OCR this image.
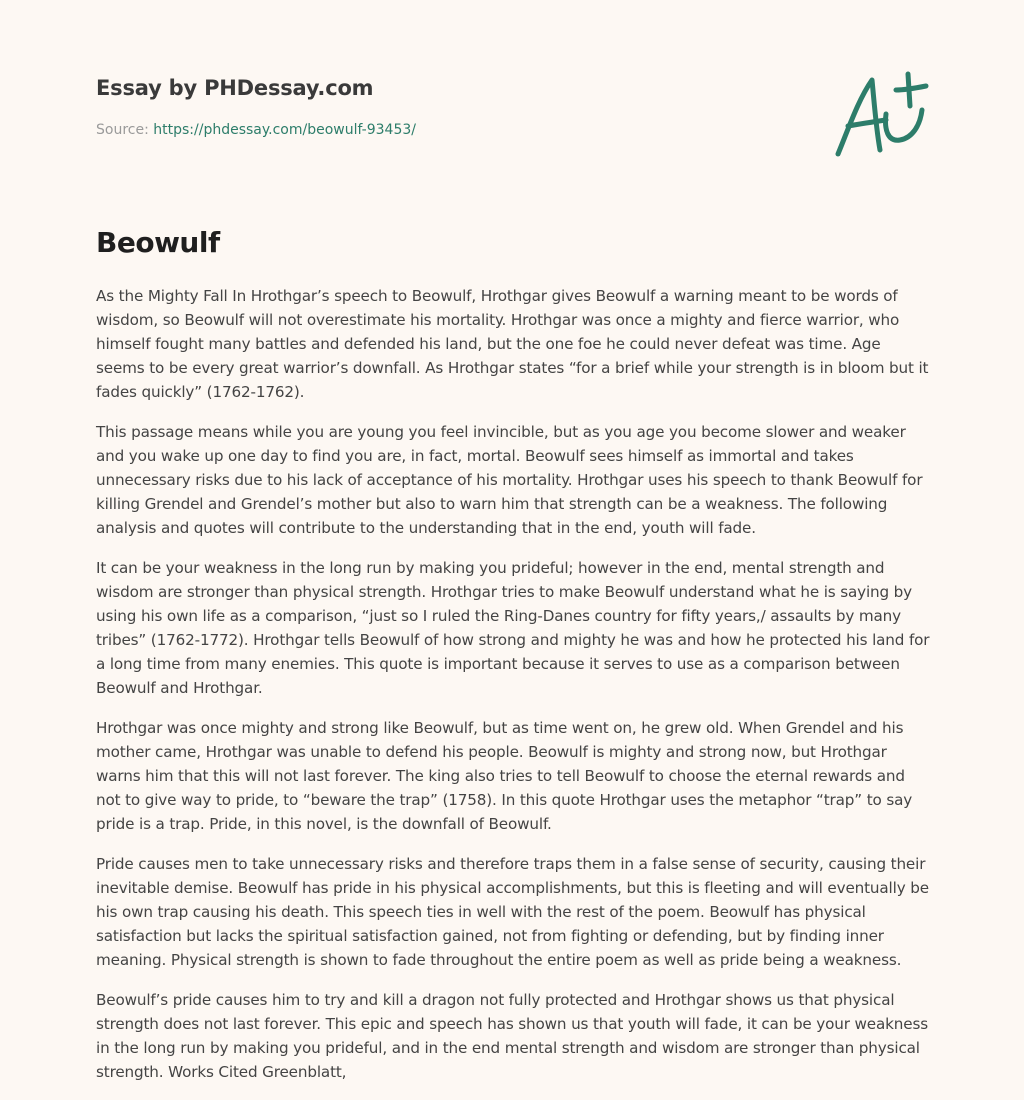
Essay by PHDessay.com
Source: https://phdessay.com/beowulf-93453/
Beowulf

As the Mighty Fall In Hrothgar’s speech to Beowulf, Hrothgar gives Beowulf a warning meant to be words of wisdom, so Beowulf will not overestimate his mortality. Hrothgar was once a mighty and fierce warrior, who himself fought many battles and defended his land, but the one foe he could never defeat was time. Age seems to be every great warrior’s downfall. As Hrothgar states “for a brief while your strength is in bloom but it fades quickly” (1762-1762).

This passage means while you are young you feel invincible, but as you age you become slower and weaker and you wake up one day to find you are, in fact, mortal. Beowulf sees himself as immortal and takes unnecessary risks due to his lack of acceptance of his mortality. Hrothgar uses his speech to thank Beowulf for killing Grendel and Grendel’s mother but also to warn him that strength can be a weakness. The following analysis and quotes will contribute to the understanding that in the end, youth will fade.

It can be your weakness in the long run by making you prideful; however in the end, mental strength and wisdom are stronger than physical strength. Hrothgar tries to make Beowulf understand what he is saying by using his own life as a comparison, “just so I ruled the Ring-Danes country for fifty years,/ assaults by many tribes” (1762-1772). Hrothgar tells Beowulf of how strong and mighty he was and how he protected his land for a long time from many enemies. This quote is important because it serves to use as a comparison between Beowulf and Hrothgar.

Hrothgar was once mighty and strong like Beowulf, but as time went on, he grew old. When Grendel and his mother came, Hrothgar was unable to defend his people. Beowulf is mighty and strong now, but Hrothgar warns him that this will not last forever. The king also tries to tell Beowulf to choose the eternal rewards and not to give way to pride, to “beware the trap” (1758). In this quote Hrothgar uses the metaphor “trap” to say pride is a trap. Pride, in this novel, is the downfall of Beowulf.

Pride causes men to take unnecessary risks and therefore traps them in a false sense of security, causing their inevitable demise. Beowulf has pride in his physical accomplishments, but this is fleeting and will eventually be his own trap causing his death. This speech ties in well with the rest of the poem. Beowulf has physical satisfaction but lacks the spiritual satisfaction gained, not from fighting or defending, but by finding inner meaning. Physical strength is shown to fade throughout the entire poem as well as pride being a weakness.

Beowulf’s pride causes him to try and kill a dragon not fully protected and Hrothgar shows us that physical strength does not last forever. This epic and speech has shown us that youth will fade, it can be your weakness in the long run by making you prideful, and in the end mental strength and wisdom are stronger than physical strength. Works Cited Greenblatt,
